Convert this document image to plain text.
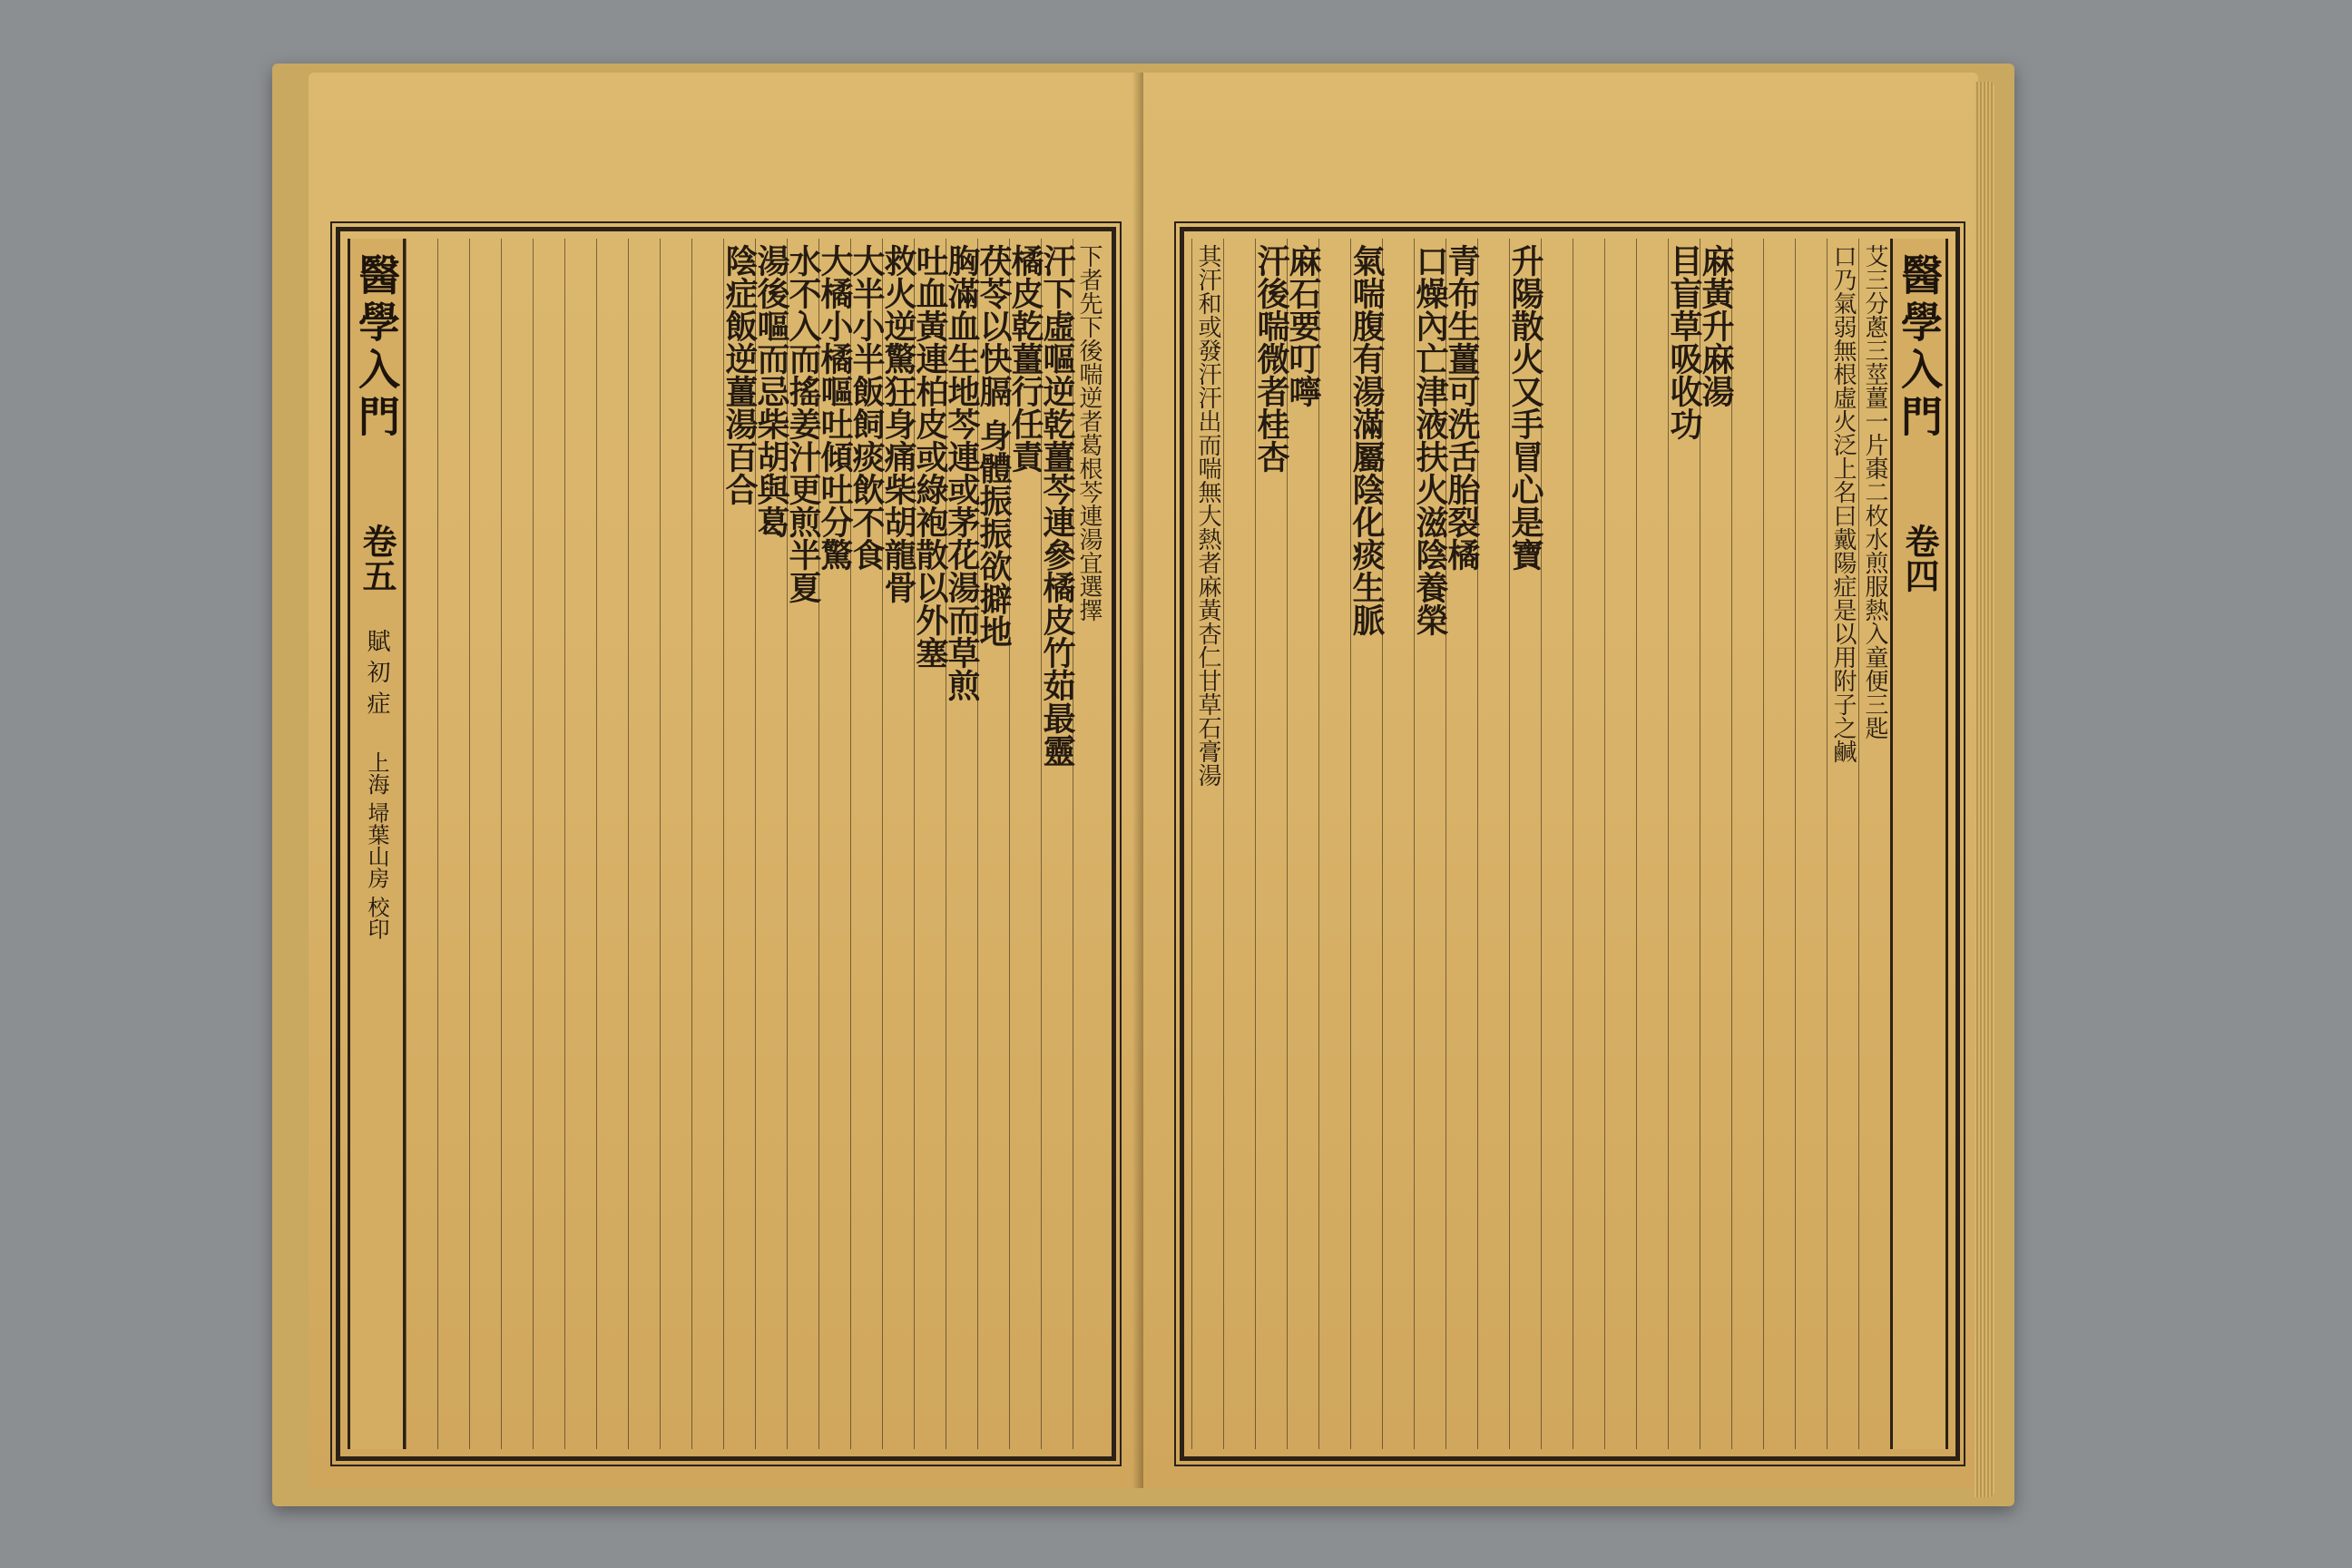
下者先下後喘逆者葛根芩連湯宜選擇
汗下虛嘔逆乾薑芩連參橘皮竹茹最靈
橘皮乾薑行任責
茯苓以快膈 身體振振欲擗地
胸滿血生地芩連或茅花湯而草煎
吐血黃連柏皮或綠袍散以外塞
救火逆驚狂身痛柴胡龍骨
大半小半飯飼痰飲不食
大橘小橘嘔吐傾吐分驚
水不入而搖姜汁更煎半夏
湯後嘔而忌柴胡與葛
陰症飯逆薑湯百合
醫學入門
卷五
賦 初 症
上海 埽葉山房 校印
醫學入門
卷四
艾三分蔥三莖薑一片棗二枚水煎服熱入童便三匙
口乃氣弱無根虛火泛上名曰戴陽症是以用附子之鹹
麻黃升麻湯
目盲草吸收功
升陽散火又手冒心是寶
青布生薑可洗舌胎裂橘
口燥內亡津液扶火滋陰養榮
氣喘腹有湯滿屬陰化痰生脈
麻石要叮嚀
汗後喘微者桂杏
其汗和或發汗汗出而喘無大熱者麻黃杏仁甘草石膏湯
